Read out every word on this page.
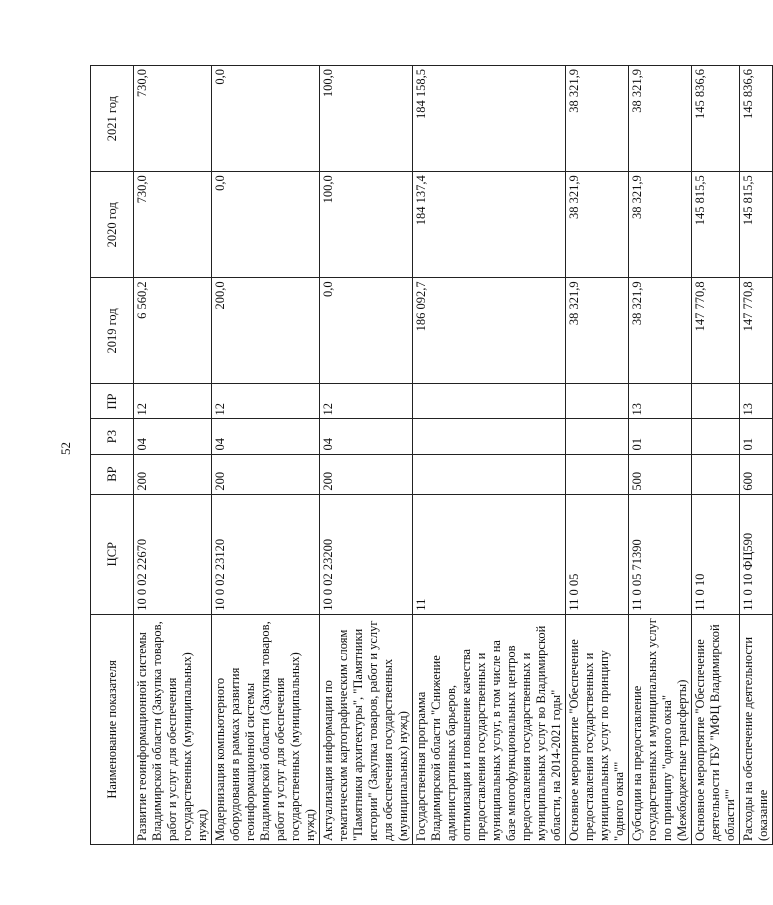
52
Наименование показателя	ЦСР	ВР	РЗ	ПР	2019 год	2020 год	2021 год
Развитие геоинформационной системы Владимирской области (Закупка товаров, работ и услуг для обеспечения государственных (муниципальных) нужд)	10 0 02 22670	200	04	12	6 560,2	730,0	730,0
Модернизация компьютерного оборудования в рамках развития геоинформационной системы Владимирской области (Закупка товаров, работ и услуг для обеспечения государственных (муниципальных) нужд)	10 0 02 23120	200	04	12	200,0	0,0	0,0
Актуализация информации по тематическим картографическим слоям "Памятники архитектуры", "Памятники истории" (Закупка товаров, работ и услуг для обеспечения государственных (муниципальных) нужд)	10 0 02 23200	200	04	12	0,0	100,0	100,0
Государственная программа Владимирской области "Снижение административных барьеров, оптимизация и повышение качества предоставления государственных и муниципальных услуг, в том числе на базе многофункциональных центров предоставления государственных и муниципальных услуг во Владимирской области, на 2014-2021 годы"	11				186 092,7	184 137,4	184 158,5
Основное мероприятие "Обеспечение предоставления государственных и муниципальных услуг по принципу "одного окна""	11 0 05				38 321,9	38 321,9	38 321,9
Субсидии на предоставление государственных и муниципальных услуг по принципу "одного окна" (Межбюджетные трансферты)	11 0 05 71390	500	01	13	38 321,9	38 321,9	38 321,9
Основное мероприятие "Обеспечение деятельности ГБУ "МФЦ Владимирской области""	11 0 10				147 770,8	145 815,5	145 836,6
Расходы на обеспечение деятельности (оказание	11 0 10 ФЦ590	600	01	13	147 770,8	145 815,5	145 836,6
